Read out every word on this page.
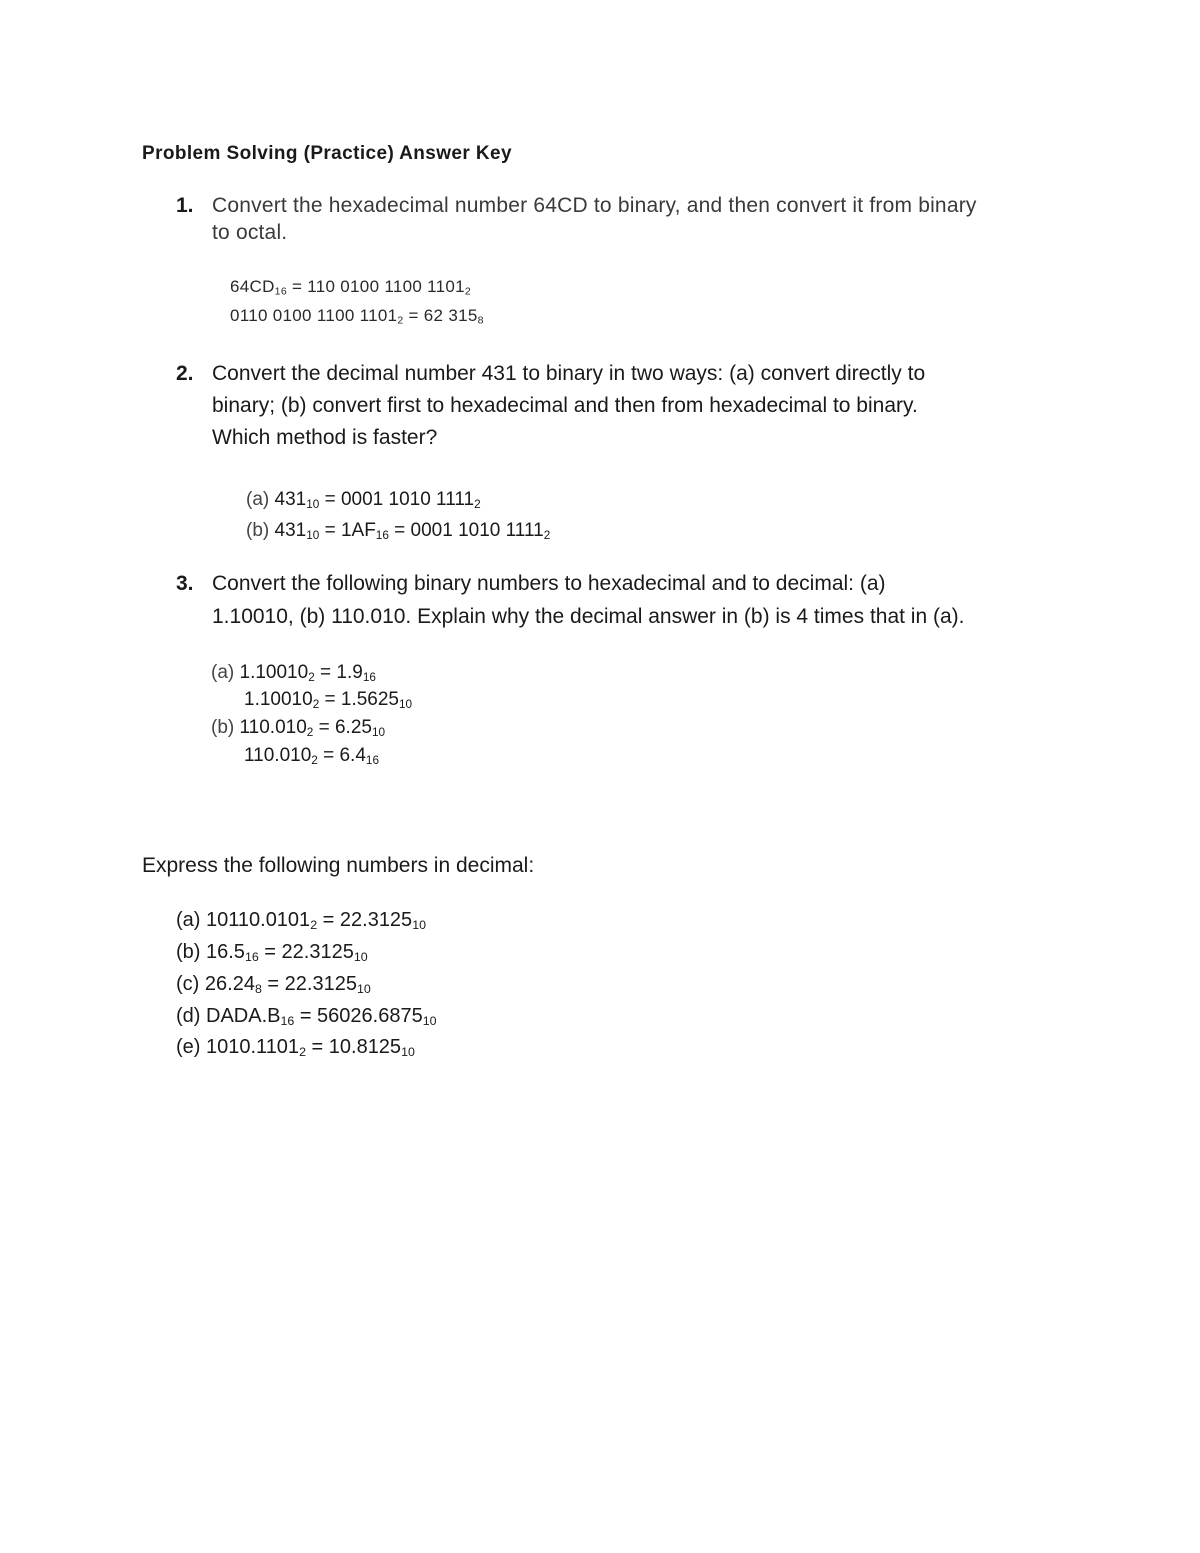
Problem Solving (Practice) Answer Key
1. Convert the hexadecimal number 64CD to binary, and then convert it from binary
to octal.
$64CD_{16} = 110$ 0100 1100 $1101_2$
0110 0100 1100 $1101_2 = 62$ $315_8$
2. Convert the decimal number 431 to binary in two ways: (a) convert directly to
binary; (b) convert first to hexadecimal and then from hexadecimal to binary.
Which method is faster?
(a) $431_{10} = 0001$ 1010 $1111_2$
(b) $431_{10} = 1AF_{16} = 0001$ 1010 $1111_2$
3. Convert the following binary numbers to hexadecimal and to decimal: (a)
1.10010, (b) 110.010. Explain why the decimal answer in (b) is 4 times that in (a).
(a) $1.10010_2 = 1.9_{16}$
$1.10010_2 = 1.5625_{10}$
(b) $110.010_2 = 6.25_{10}$
$110.010_2 = 6.4_{16}$
Express the following numbers in decimal:
(a) $10110.0101_2 = 22.3125_{10}$
(b) $16.5_{16} = 22.3125_{10}$
(c) $26.24_8 = 22.3125_{10}$
(d) $DADA.B_{16} = 56026.6875_{10}$
(e) $1010.1101_2 = 10.8125_{10}$
